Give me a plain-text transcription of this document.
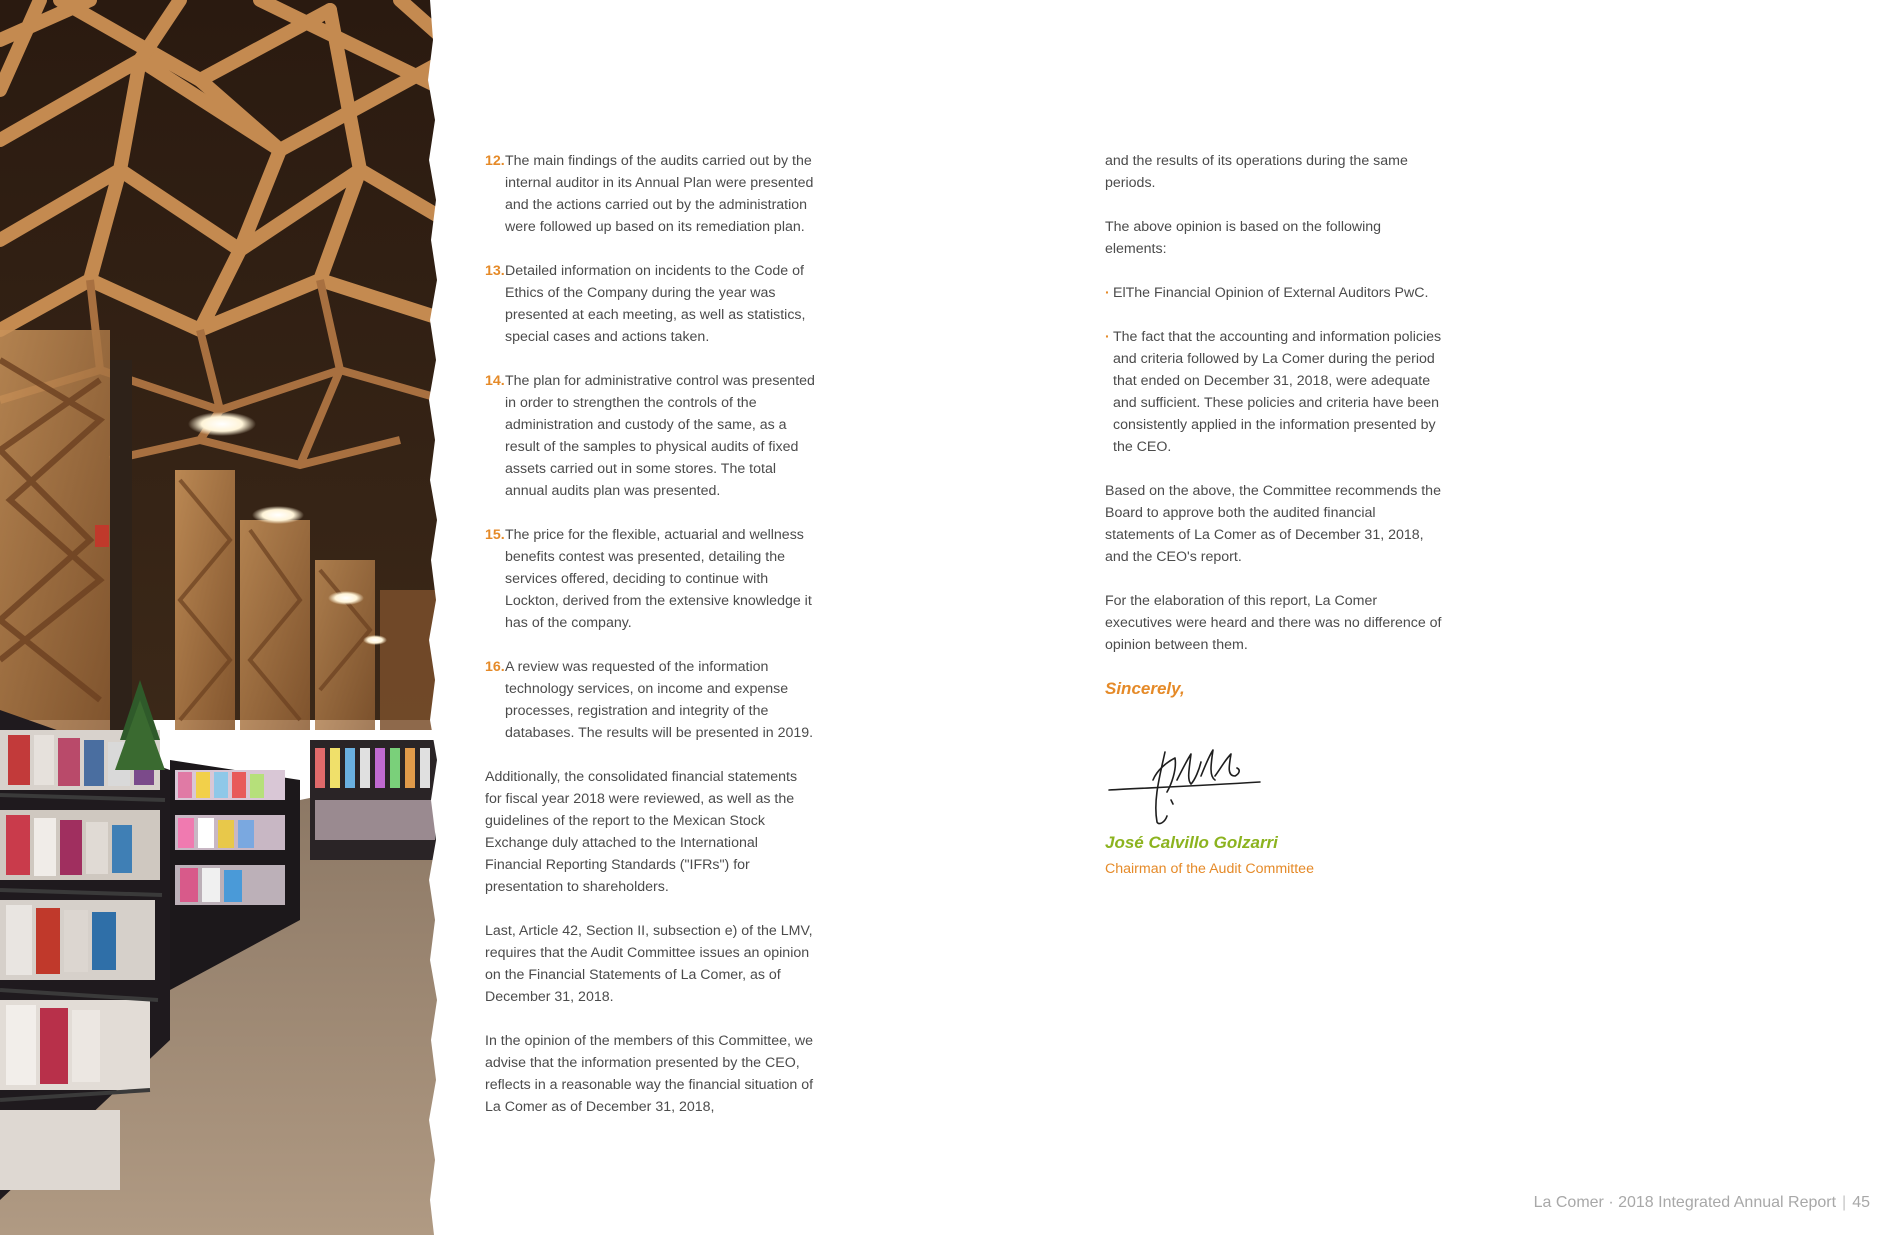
12. The main findings of the audits carried out by the internal auditor in its Annual Plan were presented and the actions carried out by the administration were followed up based on its remediation plan.
13. Detailed information on incidents to the Code of Ethics of the Company during the year was presented at each meeting, as well as statistics, special cases and actions taken.
14. The plan for administrative control was presented in order to strengthen the controls of the administration and custody of the same, as a result of the samples to physical audits of fixed assets carried out in some stores. The total annual audits plan was presented.
15. The price for the flexible, actuarial and wellness benefits contest was presented, detailing the services offered, deciding to continue with Lockton, derived from the extensive knowledge it has of the company.
16. A review was requested of the information technology services, on income and expense processes, registration and integrity of the databases. The results will be presented in 2019.

Additionally, the consolidated financial statements for fiscal year 2018 were reviewed, as well as the guidelines of the report to the Mexican Stock Exchange duly attached to the International Financial Reporting Standards ("IFRs") for presentation to shareholders.

Last, Article 42, Section II, subsection e) of the LMV, requires that the Audit Committee issues an opinion on the Financial Statements of La Comer, as of December 31, 2018.

In the opinion of the members of this Committee, we advise that the information presented by the CEO, reflects in a reasonable way the financial situation of La Comer as of December 31, 2018,

and the results of its operations during the same periods.

The above opinion is based on the following elements:

· ElThe Financial Opinion of External Auditors PwC.
· The fact that the accounting and information policies and criteria followed by La Comer during the period that ended on December 31, 2018, were adequate and sufficient. These policies and criteria have been consistently applied in the information presented by the CEO.

Based on the above, the Committee recommends the Board to approve both the audited financial statements of La Comer as of December 31, 2018, and the CEO's report.

For the elaboration of this report, La Comer executives were heard and there was no difference of opinion between them.

Sincerely,
José Calvillo Golzarri
Chairman of the Audit Committee
La Comer · 2018 Integrated Annual Report | 45
